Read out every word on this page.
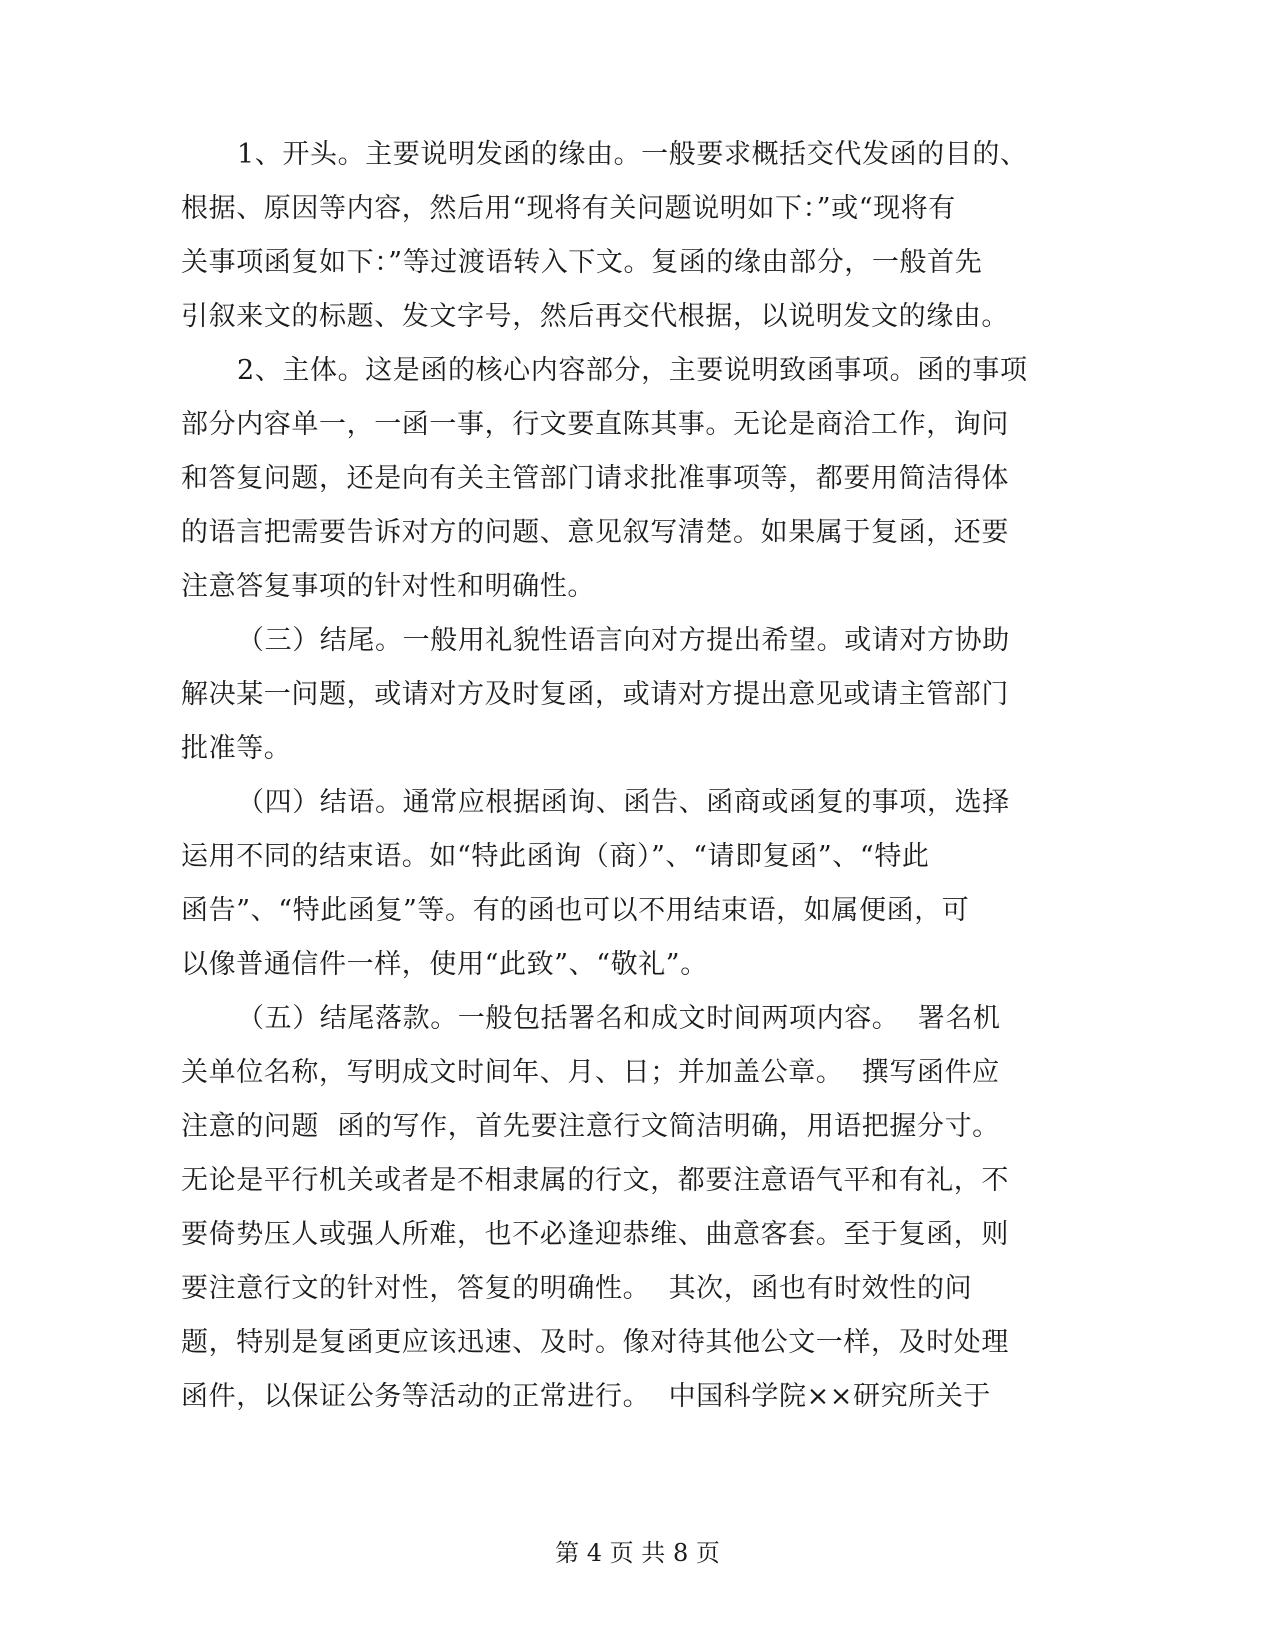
1、开头。主要说明发函的缘由。一般要求概括交代发函的目的、
根据、原因等内容，然后用“现将有关问题说明如下：”或“现将有
关事项函复如下：”等过渡语转入下文。复函的缘由部分，一般首先
引叙来文的标题、发文字号，然后再交代根据，以说明发文的缘由。
2、主体。这是函的核心内容部分，主要说明致函事项。函的事项
部分内容单一，一函一事，行文要直陈其事。无论是商洽工作，询问
和答复问题，还是向有关主管部门请求批准事项等，都要用简洁得体
的语言把需要告诉对方的问题、意见叙写清楚。如果属于复函，还要
注意答复事项的针对性和明确性。
（三）结尾。一般用礼貌性语言向对方提出希望。或请对方协助
解决某一问题，或请对方及时复函，或请对方提出意见或请主管部门
批准等。
（四）结语。通常应根据函询、函告、函商或函复的事项，选择
运用不同的结束语。如“特此函询（商）”、“请即复函”、“特此
函告”、“特此函复”等。有的函也可以不用结束语，如属便函，可
以像普通信件一样，使用“此致”、“敬礼”。
（五）结尾落款。一般包括署名和成文时间两项内容。  署名机
关单位名称，写明成文时间年、月、日；并加盖公章。  撰写函件应
注意的问题  函的写作，首先要注意行文简洁明确，用语把握分寸。
无论是平行机关或者是不相隶属的行文，都要注意语气平和有礼，不
要倚势压人或强人所难，也不必逢迎恭维、曲意客套。至于复函，则
要注意行文的针对性，答复的明确性。  其次，函也有时效性的问
题，特别是复函更应该迅速、及时。像对待其他公文一样，及时处理
函件，以保证公务等活动的正常进行。  中国科学院××研究所关于
第 4 页 共 8 页
